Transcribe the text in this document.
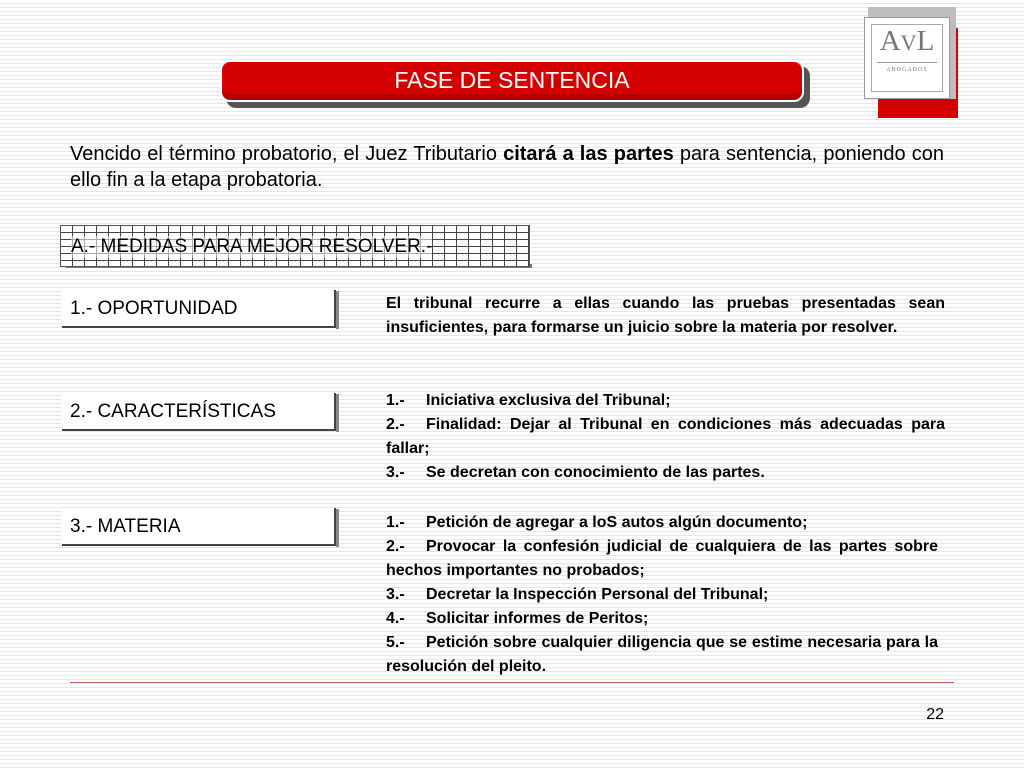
AVL
ABOGADOS
FASE DE SENTENCIA

Vencido el término probatorio, el Juez Tributario citará a las partes para sentencia, poniendo con ello fin a la etapa probatoria.

A.- MEDIDAS PARA MEJOR RESOLVER.-
1.- OPORTUNIDAD	El tribunal recurre a ellas cuando las pruebas presentadas sean insuficientes, para formarse un juicio sobre la materia por resolver.

2.- CARACTERÍSTICAS
1.- Iniciativa exclusiva del Tribunal;
2.- Finalidad: Dejar al Tribunal en condiciones más adecuadas para fallar;
3.- Se decretan con conocimiento de las partes.
3.- MATERIA	1.- Petición de agregar a loS autos algún documento;
2.- Provocar la confesión judicial de cualquiera de las partes sobre hechos importantes no probados;
3.- Decretar la Inspección Personal del Tribunal;
4.- Solicitar informes de Peritos;
5.- Petición sobre cualquier diligencia que se estime necesaria para la resolución del pleito.
22
